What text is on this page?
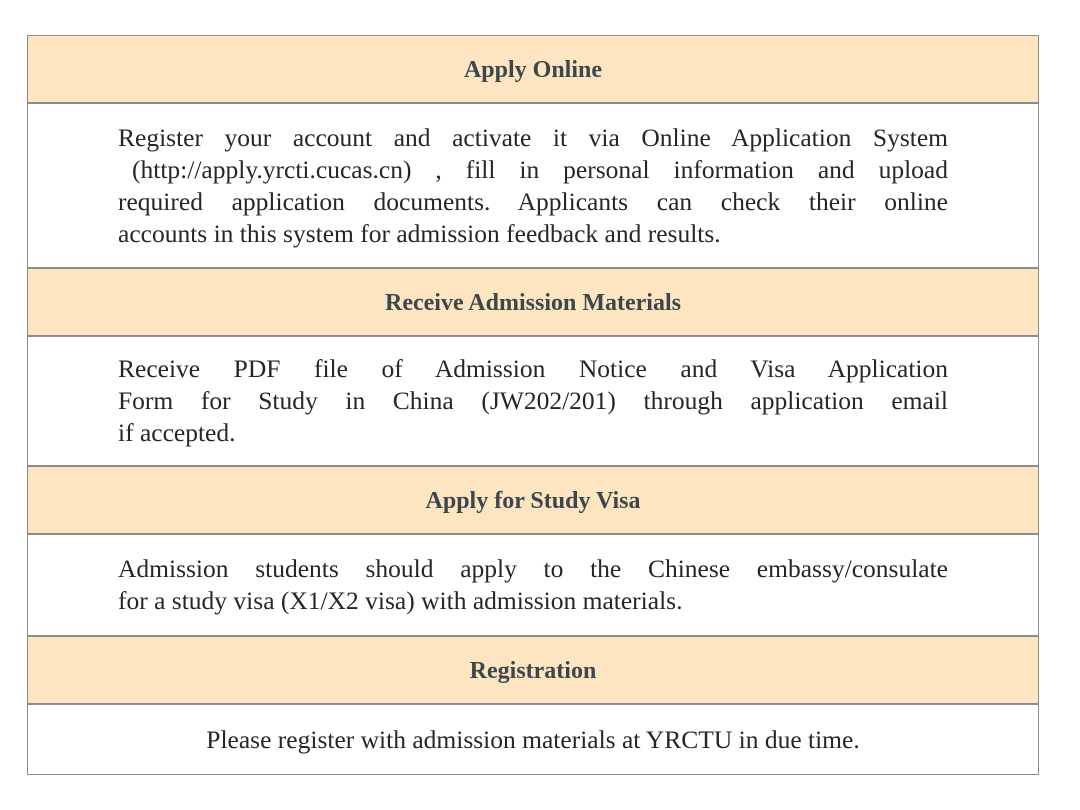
Apply Online
Register your account and activate it via Online Application System
(http://apply.yrcti.cucas.cn) , fill in personal information and upload
required application documents. Applicants can check their online
accounts in this system for admission feedback and results.
Receive Admission Materials
Receive PDF file of Admission Notice and Visa Application
Form for Study in China (JW202/201) through application email
if accepted.
Apply for Study Visa
Admission students should apply to the Chinese embassy/consulate
for a study visa (X1/X2 visa) with admission materials.
Registration
Please register with admission materials at YRCTU in due time.
